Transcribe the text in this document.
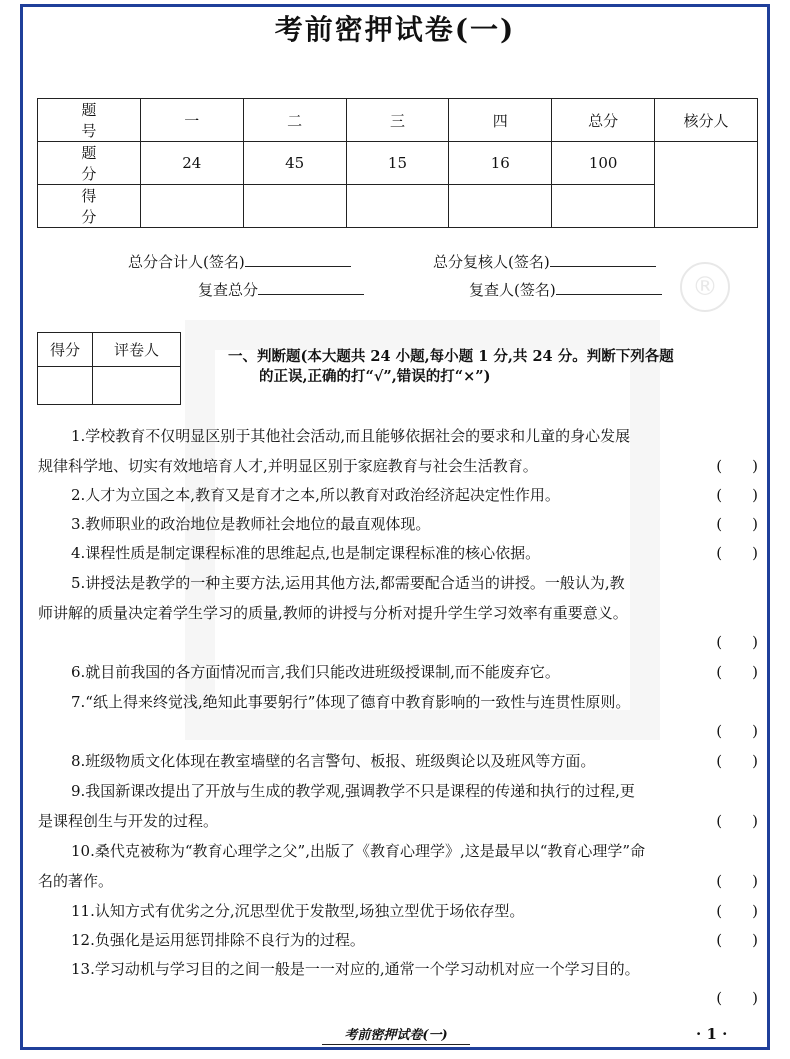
®
考前密押试卷(一)
题　号	一	二	三	四	总分	核分人
题　分	24	45	15	16	100	
得　分						
总分合计人(签名)	总分复核人(签名)
复查总分	复查人(签名)
得分	评卷人
		一、判断题(本大题共 24 小题,每小题 1 分,共 24 分。判断下列各题
的正误,正确的打“√”,错误的打“×”)
1.学校教育不仅明显区别于其他社会活动,而且能够依据社会的要求和儿童的身心发展
规律科学地、切实有效地培育人才,并明显区别于家庭教育与社会生活教育。	(　　)
2.人才为立国之本,教育又是育才之本,所以教育对政治经济起决定性作用。	(　　)
3.教师职业的政治地位是教师社会地位的最直观体现。	(　　)
4.课程性质是制定课程标准的思维起点,也是制定课程标准的核心依据。	(　　)
5.讲授法是教学的一种主要方法,运用其他方法,都需要配合适当的讲授。一般认为,教
师讲解的质量决定着学生学习的质量,教师的讲授与分析对提升学生学习效率有重要意义。
(　　)
6.就目前我国的各方面情况而言,我们只能改进班级授课制,而不能废弃它。	(　　)
7.“纸上得来终觉浅,绝知此事要躬行”体现了德育中教育影响的一致性与连贯性原则。
(　　)
8.班级物质文化体现在教室墙壁的名言警句、板报、班级舆论以及班风等方面。	(　　)
9.我国新课改提出了开放与生成的教学观,强调教学不只是课程的传递和执行的过程,更
是课程创生与开发的过程。	(　　)
10.桑代克被称为“教育心理学之父”,出版了《教育心理学》,这是最早以“教育心理学”命
名的著作。	(　　)
11.认知方式有优劣之分,沉思型优于发散型,场独立型优于场依存型。	(　　)
12.负强化是运用惩罚排除不良行为的过程。	(　　)
13.学习动机与学习目的之间一般是一一对应的,通常一个学习动机对应一个学习目的。
(　　)
考前密押试卷(一)	· 1 ·
